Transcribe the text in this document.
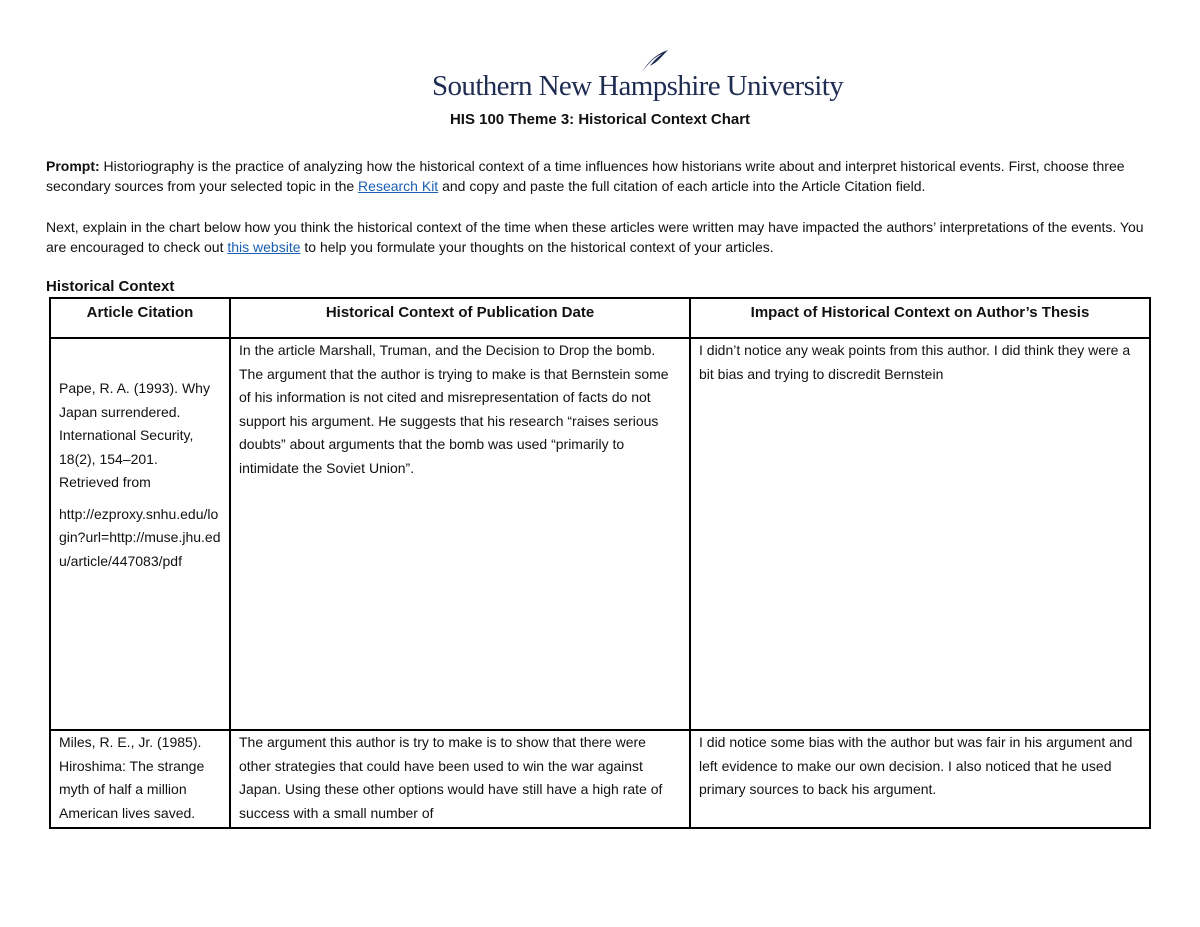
Southern New Hampshire University
HIS 100 Theme 3: Historical Context Chart
Prompt: Historiography is the practice of analyzing how the historical context of a time influences how historians write about and interpret historical events. First, choose three secondary sources from your selected topic in the Research Kit and copy and paste the full citation of each article into the Article Citation field.
Next, explain in the chart below how you think the historical context of the time when these articles were written may have impacted the authors’ interpretations of the events. You are encouraged to check out this website to help you formulate your thoughts on the historical context of your articles.
Historical Context
Article Citation	Historical Context of Publication Date	Impact of Historical Context on Author’s Thesis

Pape, R. A. (1993). Why Japan surrendered. International Security, 18(2), 154–201. Retrieved from
http://ezproxy.snhu.edu/login?url=http://muse.jhu.edu/article/447083/pdf	In the article Marshall, Truman, and the Decision to Drop the bomb. The argument that the author is trying to make is that Bernstein some of his information is not cited and misrepresentation of facts do not support his argument. He suggests that his research “raises serious doubts” about arguments that the bomb was used “primarily to intimidate the Soviet Union”.	I didn’t notice any weak points from this author. I did think they were a bit bias and trying to discredit Bernstein
Miles, R. E., Jr. (1985). Hiroshima: The strange myth of half a million American lives saved.	The argument this author is try to make is to show that there were other strategies that could have been used to win the war against Japan. Using these other options would have still have a high rate of success with a small number of	I did notice some bias with the author but was fair in his argument and left evidence to make our own decision. I also noticed that he used primary sources to back his argument.
